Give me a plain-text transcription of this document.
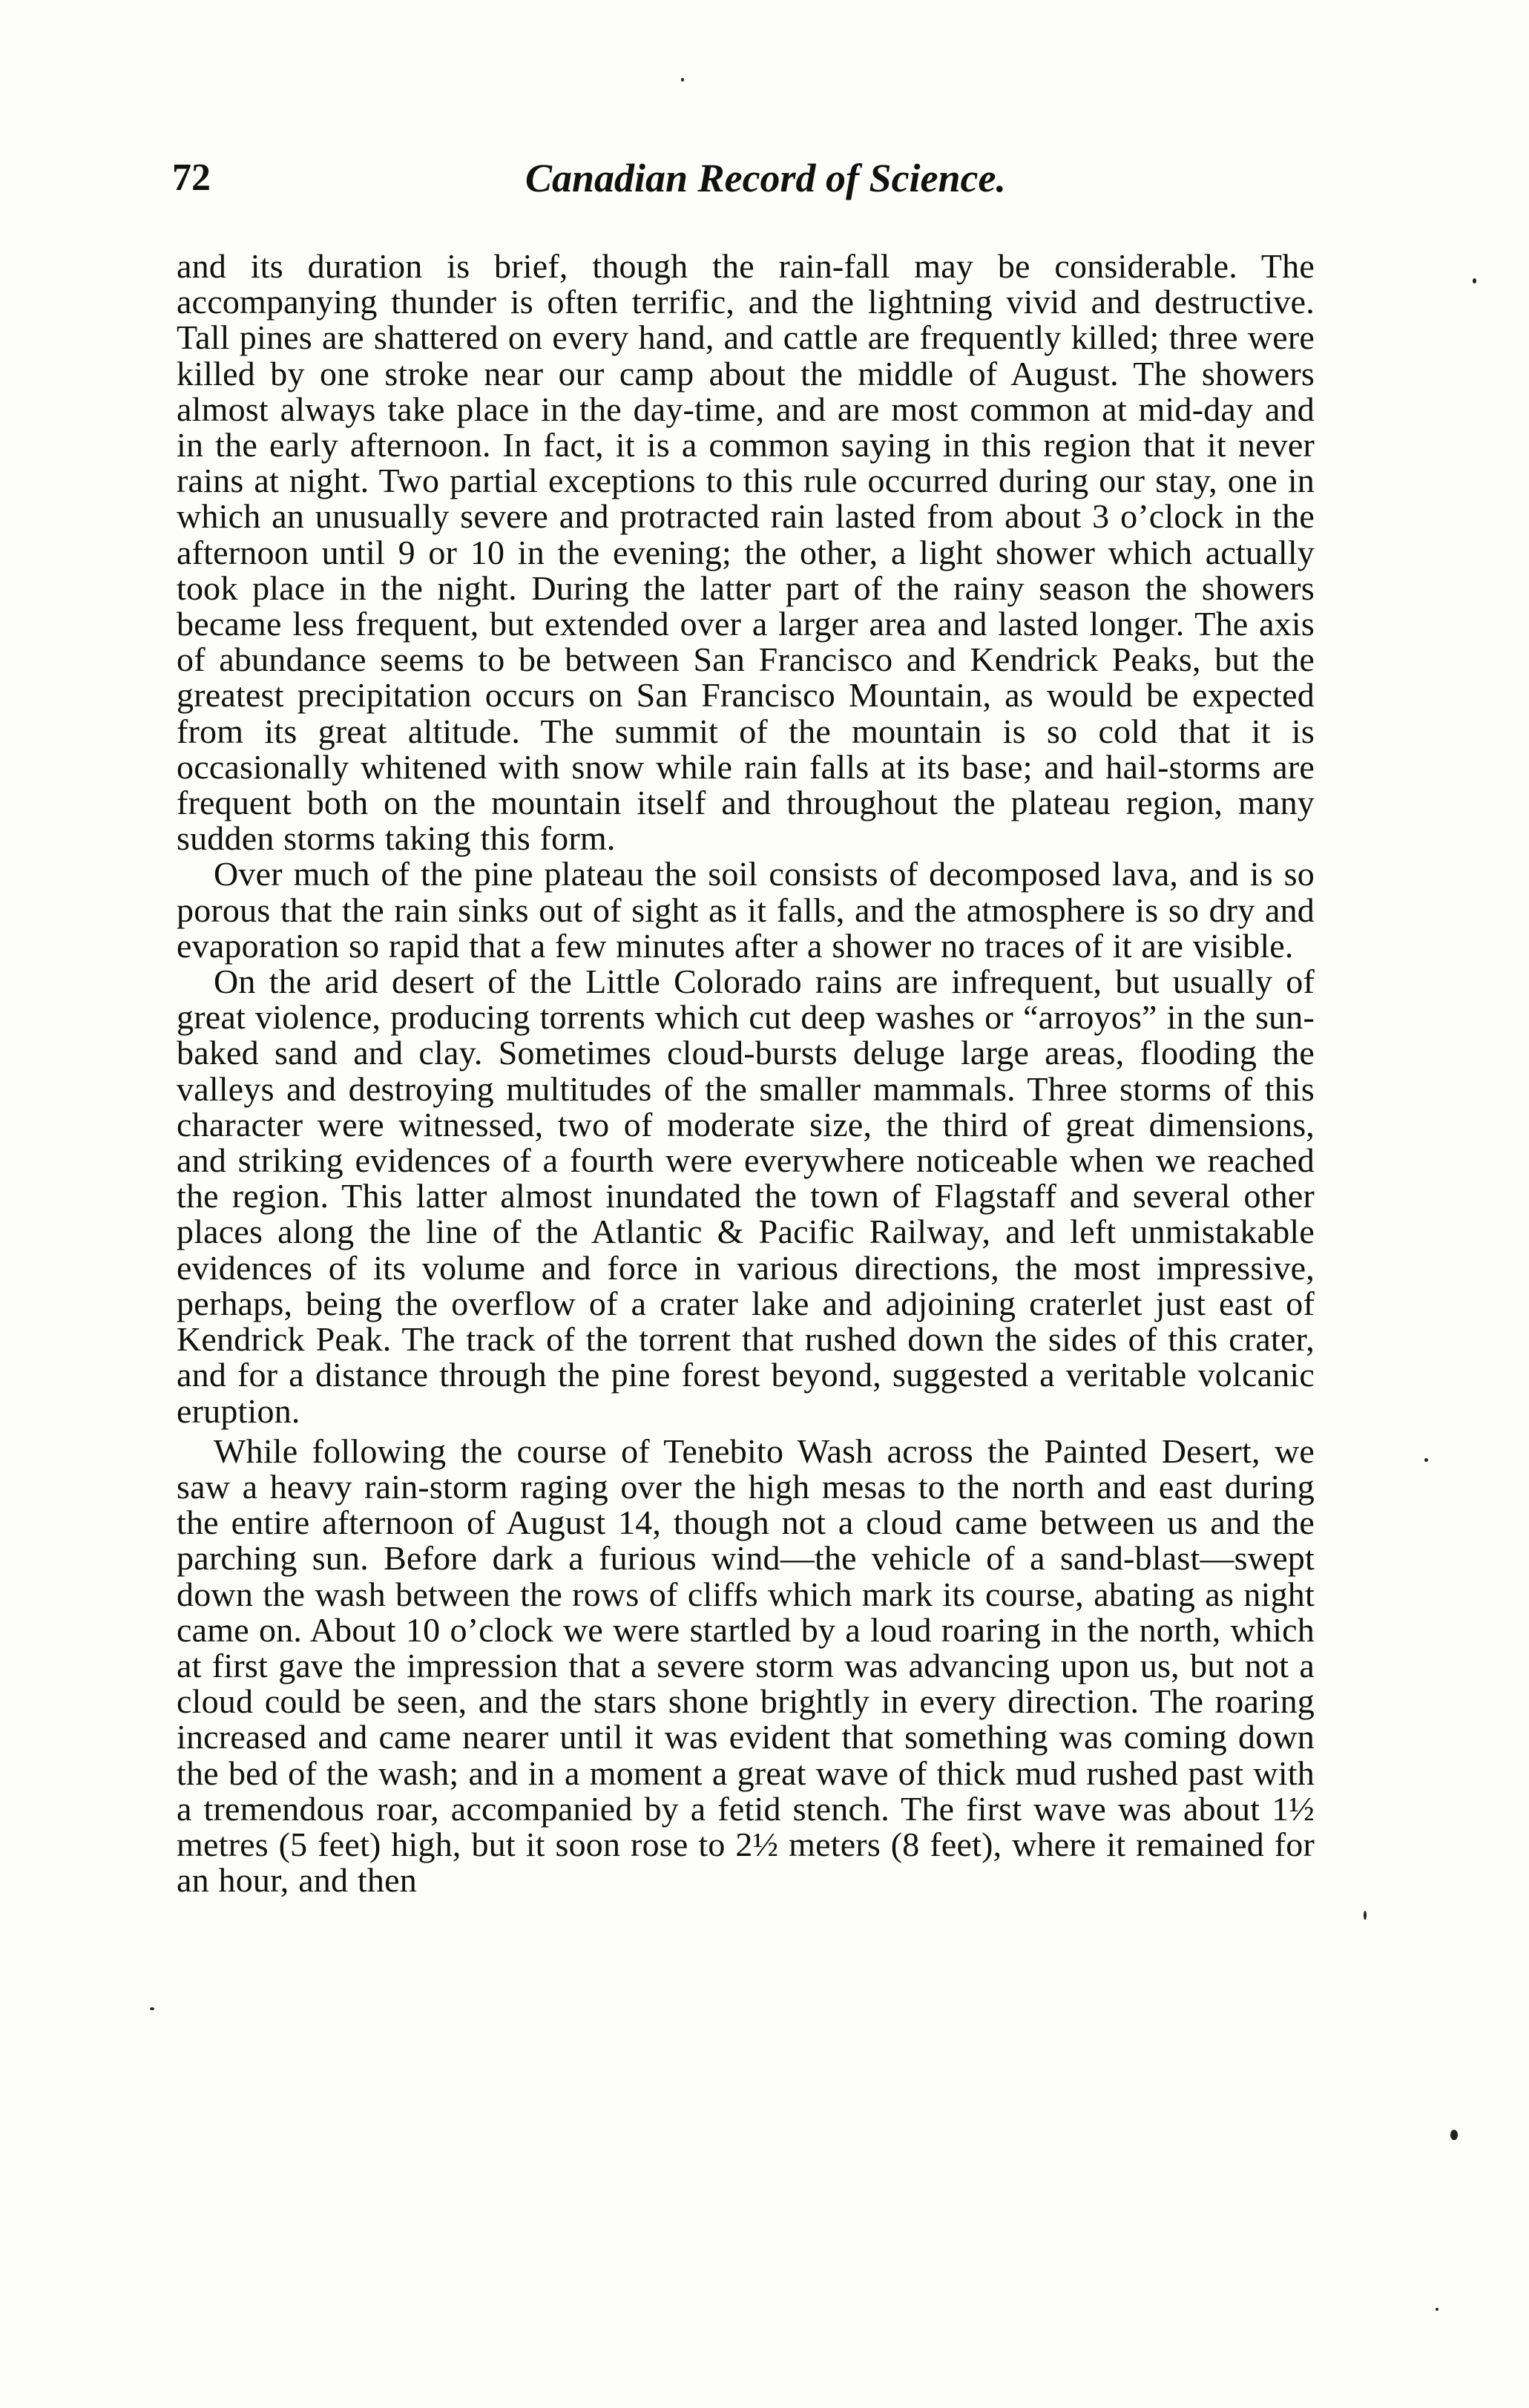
72	Canadian Record of Science.

and its duration is brief, though the rain-fall may be considerable. The accompanying thunder is often terrific, and the lightning vivid and destructive. Tall pines are shattered on every hand, and cattle are frequently killed; three were killed by one stroke near our camp about the middle of August. The showers almost always take place in the day-time, and are most common at mid-day and in the early afternoon. In fact, it is a common saying in this region that it never rains at night. Two partial exceptions to this rule occurred during our stay, one in which an unusually severe and protracted rain lasted from about 3 o’clock in the afternoon until 9 or 10 in the evening; the other, a light shower which actually took place in the night. During the latter part of the rainy season the showers became less frequent, but extended over a larger area and lasted longer. The axis of abundance seems to be between San Francisco and Kendrick Peaks, but the greatest precipitation occurs on San Francisco Mountain, as would be expected from its great altitude. The summit of the mountain is so cold that it is occasionally whitened with snow while rain falls at its base; and hail-storms are frequent both on the mountain itself and throughout the plateau region, many sudden storms taking this form.

Over much of the pine plateau the soil consists of decomposed lava, and is so porous that the rain sinks out of sight as it falls, and the atmosphere is so dry and evaporation so rapid that a few minutes after a shower no traces of it are visible.

On the arid desert of the Little Colorado rains are infrequent, but usually of great violence, producing torrents which cut deep washes or “arroyos” in the sun-baked sand and clay. Sometimes cloud-bursts deluge large areas, flooding the valleys and destroying multitudes of the smaller mammals. Three storms of this character were witnessed, two of moderate size, the third of great dimensions, and striking evidences of a fourth were everywhere noticeable when we reached the region. This latter almost inundated the town of Flagstaff and several other places along the line of the Atlantic & Pacific Railway, and left unmistakable evidences of its volume and force in various directions, the most impressive, perhaps, being the overflow of a crater lake and adjoining craterlet just east of Kendrick Peak. The track of the torrent that rushed down the sides of this crater, and for a distance through the pine forest beyond, suggested a veritable volcanic eruption.

While following the course of Tenebito Wash across the Painted Desert, we saw a heavy rain-storm raging over the high mesas to the north and east during the entire afternoon of August 14, though not a cloud came between us and the parching sun. Before dark a furious wind—the vehicle of a sand-blast—swept down the wash between the rows of cliffs which mark its course, abating as night came on. About 10 o’clock we were startled by a loud roaring in the north, which at first gave the impression that a severe storm was advancing upon us, but not a cloud could be seen, and the stars shone brightly in every direction. The roaring increased and came nearer until it was evident that something was coming down the bed of the wash; and in a moment a great wave of thick mud rushed past with a tremendous roar, accompanied by a fetid stench. The first wave was about 1½ metres (5 feet) high, but it soon rose to 2½ meters (8 feet), where it remained for an hour, and then
